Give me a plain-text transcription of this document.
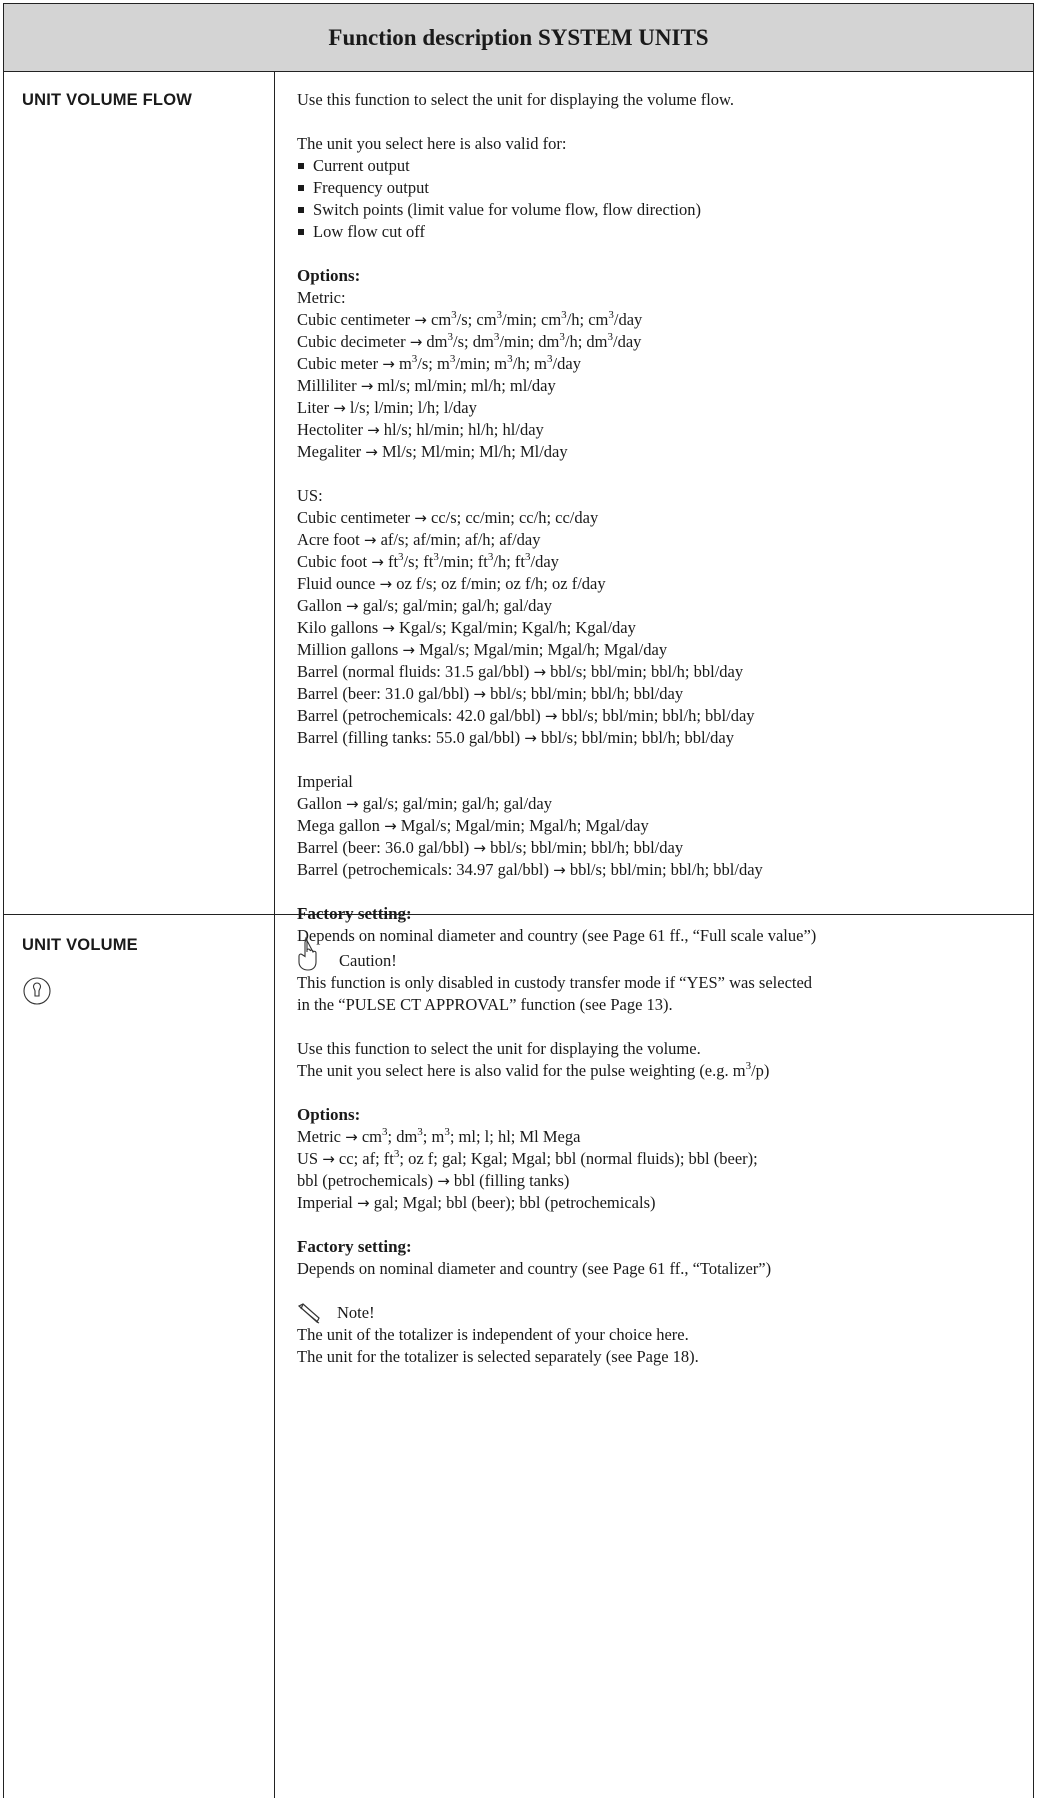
Function description SYSTEM UNITS
UNIT VOLUME FLOW	Use this function to select the unit for displaying the volume flow.

The unit you select here is also valid for:

Current output
Frequency output
Switch points (limit value for volume flow, flow direction)
Low flow cut off

Options:

Metric:

Cubic centimeter → $cm^3/s$; $cm^3/\min$; $cm^3/h$; $cm^3$/day

Cubic decimeter → $dm^3/s$; $dm^3/\min$; $dm^3/h$; $dm^3$/day

Cubic meter → $m^3/s$; $m^3/\min$; $m^3/h$; $m^3$/day

Milliliter → ml/s; ml/min; ml/h; ml/day

Liter → l/s; l/min; l/h; l/day

Hectoliter → hl/s; hl/min; hl/h; hl/day

Megaliter → Ml/s; Ml/min; Ml/h; Ml/day

US:

Cubic centimeter → cc/s; cc/min; cc/h; cc/day

Acre foot → af/s; af/min; af/h; af/day

Cubic foot → $ft^3/s$; $ft^3/\min$; $ft^3/h$; $ft^3$/day

Fluid ounce → oz f/s; oz f/min; oz f/h; oz f/day

Gallon → gal/s; gal/min; gal/h; gal/day

Kilo gallons → Kgal/s; Kgal/min; Kgal/h; Kgal/day

Million gallons → Mgal/s; Mgal/min; Mgal/h; Mgal/day

Barrel (normal fluids: 31.5 gal/bbl) → bbl/s; bbl/min; bbl/h; bbl/day

Barrel (beer: 31.0 gal/bbl) → bbl/s; bbl/min; bbl/h; bbl/day

Barrel (petrochemicals: 42.0 gal/bbl) → bbl/s; bbl/min; bbl/h; bbl/day

Barrel (filling tanks: 55.0 gal/bbl) → bbl/s; bbl/min; bbl/h; bbl/day

Imperial

Gallon → gal/s; gal/min; gal/h; gal/day

Mega gallon → Mgal/s; Mgal/min; Mgal/h; Mgal/day

Barrel (beer: 36.0 gal/bbl) → bbl/s; bbl/min; bbl/h; bbl/day

Barrel (petrochemicals: 34.97 gal/bbl) → bbl/s; bbl/min; bbl/h; bbl/day

Factory setting:

Depends on nominal diameter and country (see Page 61 ff., “Full scale value”)

UNIT VOLUME
Caution!

This function is only disabled in custody transfer mode if “YES” was selected

in the “PULSE CT APPROVAL” function (see Page 13).

Use this function to select the unit for displaying the volume.

The unit you select here is also valid for the pulse weighting (e.g. $m^3/p$)

Options:

Metric → $cm^3$; $dm^3$; $m^3$; ml; l; hl; Ml Mega

US → cc; af; $ft^3$; oz f; gal; Kgal; Mgal; bbl (normal fluids); bbl (beer);

bbl (petrochemicals) → bbl (filling tanks)

Imperial → gal; Mgal; bbl (beer); bbl (petrochemicals)

Factory setting:

Depends on nominal diameter and country (see Page 61 ff., “Totalizer”)

Note!

The unit of the totalizer is independent of your choice here.

The unit for the totalizer is selected separately (see Page 18).
